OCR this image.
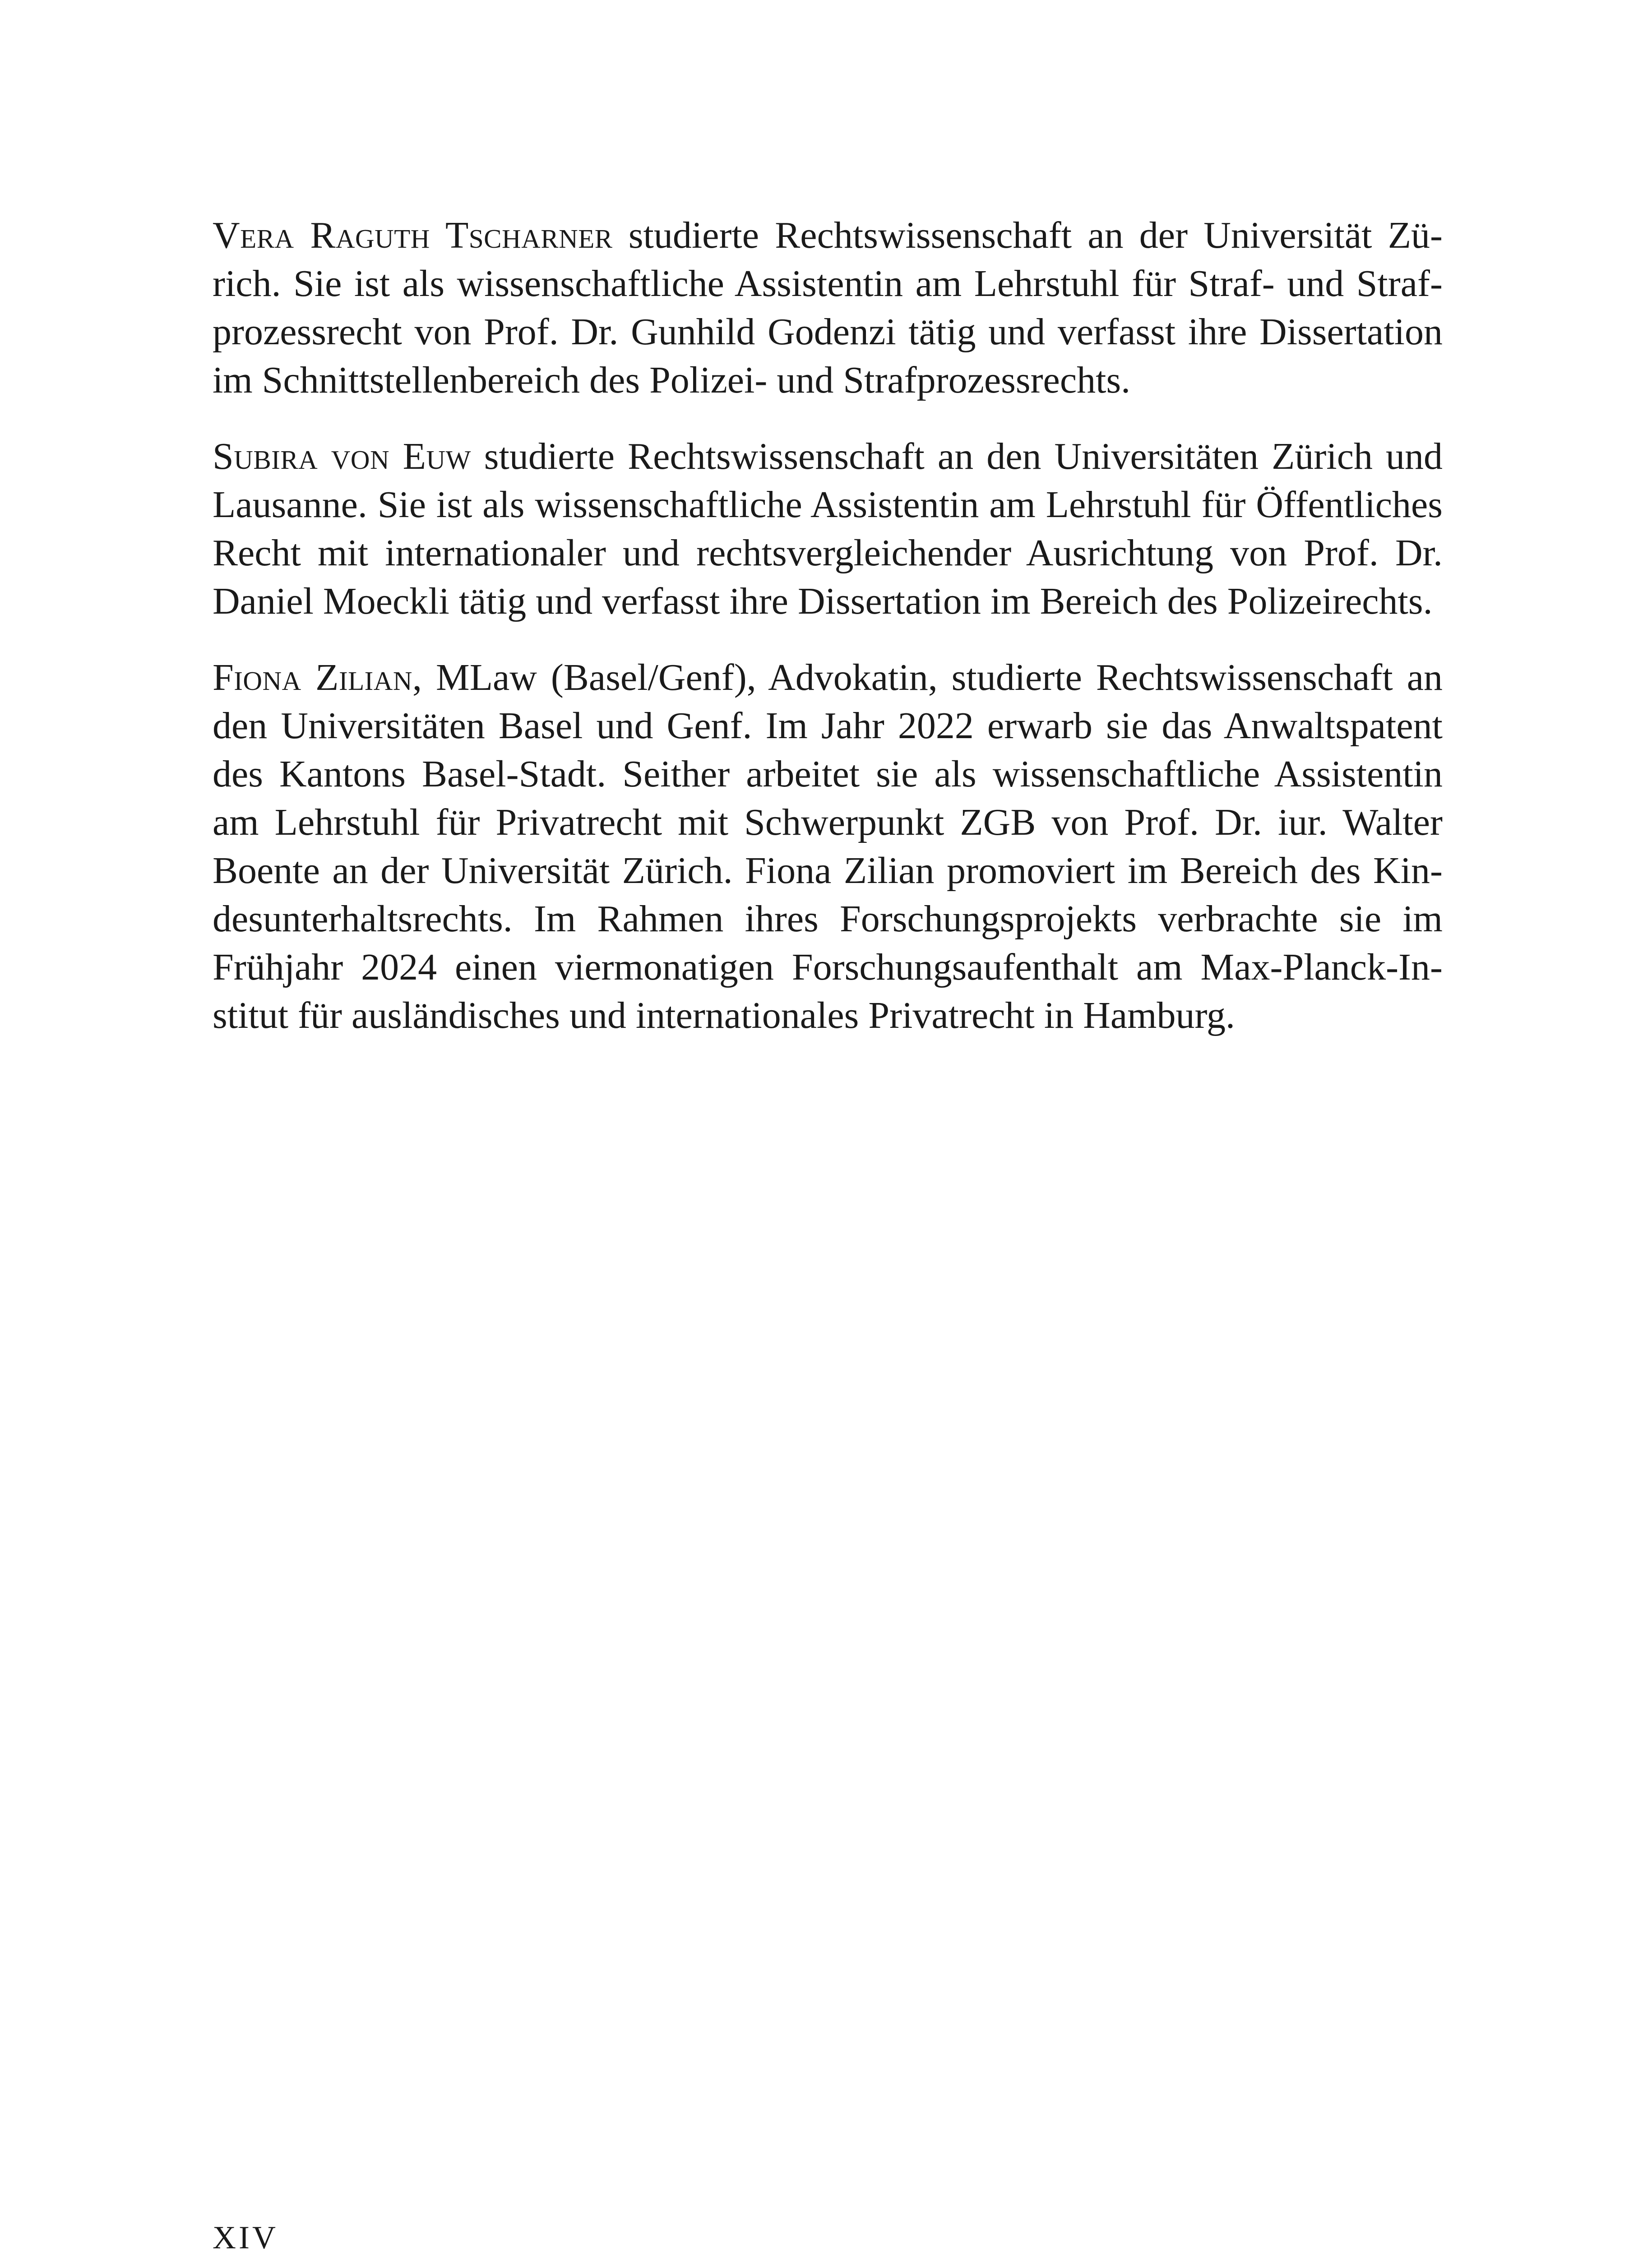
Vera Raguth Tscharner studierte Rechtswissenschaft an der Universität Zürich. Sie ist als wissenschaftliche Assistentin am Lehrstuhl für Straf- und Strafprozessrecht von Prof. Dr. Gunhild Godenzi tätig und verfasst ihre Dissertation im Schnittstellenbereich des Polizei- und Strafprozessrechts.

Subira von Euw studierte Rechtswissenschaft an den Universitäten Zürich und Lausanne. Sie ist als wissenschaftliche Assistentin am Lehrstuhl für Öffentliches Recht mit internationaler und rechtsvergleichender Ausrichtung von Prof. Dr. Daniel Moeckli tätig und verfasst ihre Dissertation im Bereich des Polizeirechts.

Fiona Zilian, MLaw (Basel/Genf), Advokatin, studierte Rechtswissenschaft an den Universitäten Basel und Genf. Im Jahr 2022 erwarb sie das Anwaltspatent des Kantons Basel-Stadt. Seither arbeitet sie als wissenschaftliche Assistentin am Lehrstuhl für Privatrecht mit Schwerpunkt ZGB von Prof. Dr. iur. Walter Boente an der Universität Zürich. Fiona Zilian promoviert im Bereich des Kindesunterhaltsrechts. Im Rahmen ihres Forschungsprojekts verbrachte sie im Frühjahr 2024 einen viermonatigen Forschungsaufenthalt am Max-Planck-Institut für ausländisches und internationales Privatrecht in Hamburg.

XIV
